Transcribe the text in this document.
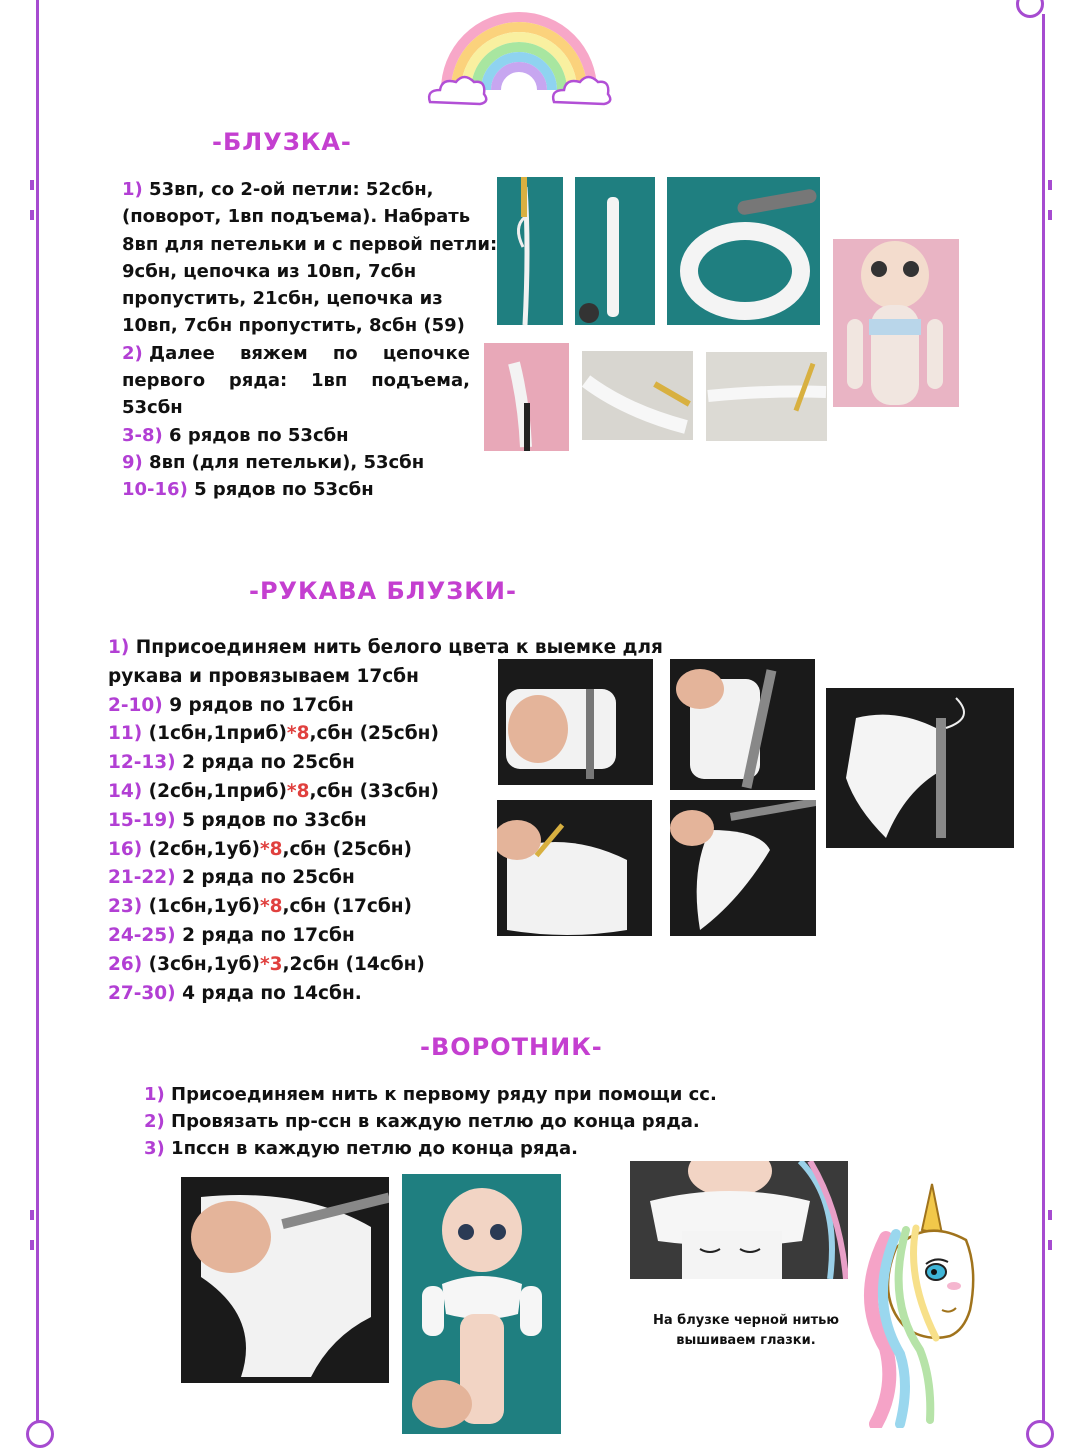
-БЛУЗКА-
1) 53вп, со 2-ой петли: 52сбн,
(поворот, 1вп подъема). Набрать
8вп для петельки и с первой петли:
9сбн, цепочка из 10вп, 7сбн
пропустить, 21сбн, цепочка из
10вп, 7сбн пропустить, 8сбн (59)
2) Далее вяжем по цепочке
первого ряда: 1вп подъема,
53сбн
3-8) 6 рядов по 53сбн
9) 8вп (для петельки), 53сбн
10-16) 5 рядов по 53сбн
-РУКАВА БЛУЗКИ-
1) Пприсоединяем нить белого цвета к выемке для
рукава и провязываем 17сбн
2-10) 9 рядов по 17сбн
11) (1сбн,1приб)*8,сбн (25сбн)
12-13) 2 ряда по 25сбн
14) (2сбн,1приб)*8,сбн (33сбн)
15-19) 5 рядов по 33сбн
16) (2сбн,1уб)*8,сбн (25сбн)
21-22) 2 ряда по 25сбн
23) (1сбн,1уб)*8,сбн (17сбн)
24-25) 2 ряда по 17сбн
26) (3сбн,1уб)*3,2сбн (14сбн)
27-30) 4 ряда по 14сбн.
-ВОРОТНИК-
1) Присоединяем нить к первому ряду при помощи сс.
2) Провязать пр-ссн в каждую петлю до конца ряда.
3) 1пссн в каждую петлю до конца ряда.
На блузке черной нитью
вышиваем глазки.
